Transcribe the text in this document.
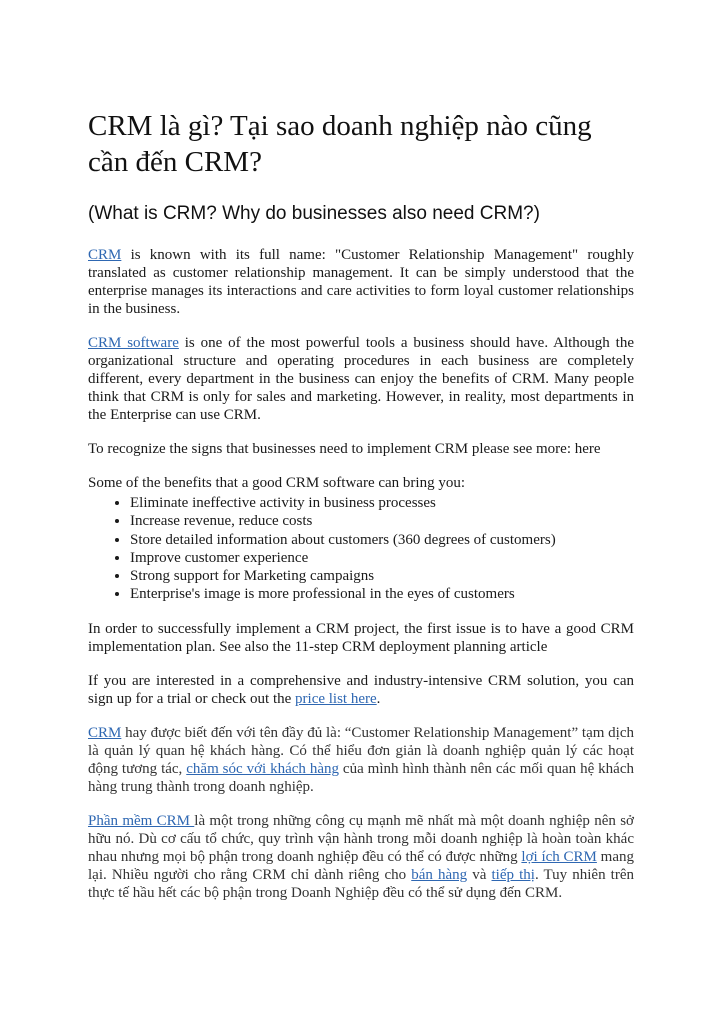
CRM là gì? Tại sao doanh nghiệp nào cũng cần đến CRM?
(What is CRM? Why do businesses also need CRM?)

CRM is known with its full name: "Customer Relationship Management" roughly translated as customer relationship management. It can be simply understood that the enterprise manages its interactions and care activities to form loyal customer relationships in the business.

CRM software is one of the most powerful tools a business should have. Although the organizational structure and operating procedures in each business are completely different, every department in the business can enjoy the benefits of CRM. Many people think that CRM is only for sales and marketing. However, in reality, most departments in the Enterprise can use CRM.

To recognize the signs that businesses need to implement CRM please see more: here

Some of the benefits that a good CRM software can bring you:

• Eliminate ineffective activity in business processes
• Increase revenue, reduce costs
• Store detailed information about customers (360 degrees of customers)
• Improve customer experience
• Strong support for Marketing campaigns
• Enterprise's image is more professional in the eyes of customers

In order to successfully implement a CRM project, the first issue is to have a good CRM implementation plan. See also the 11-step CRM deployment planning article

If you are interested in a comprehensive and industry-intensive CRM solution, you can sign up for a trial or check out the price list here.

CRM hay được biết đến với tên đầy đủ là: “Customer Relationship Management” tạm dịch là quản lý quan hệ khách hàng. Có thể hiểu đơn giản là doanh nghiệp quản lý các hoạt động tương tác, chăm sóc với khách hàng của mình hình thành nên các mối quan hệ khách hàng trung thành trong doanh nghiệp.

Phần mềm CRM là một trong những công cụ mạnh mẽ nhất mà một doanh nghiệp nên sở hữu nó. Dù cơ cấu tổ chức, quy trình vận hành trong mỗi doanh nghiệp là hoàn toàn khác nhau nhưng mọi bộ phận trong doanh nghiệp đều có thể có được những lợi ích CRM mang lại. Nhiều người cho rằng CRM chỉ dành riêng cho bán hàng và tiếp thị. Tuy nhiên trên thực tế hầu hết các bộ phận trong Doanh Nghiệp đều có thể sử dụng đến CRM.
